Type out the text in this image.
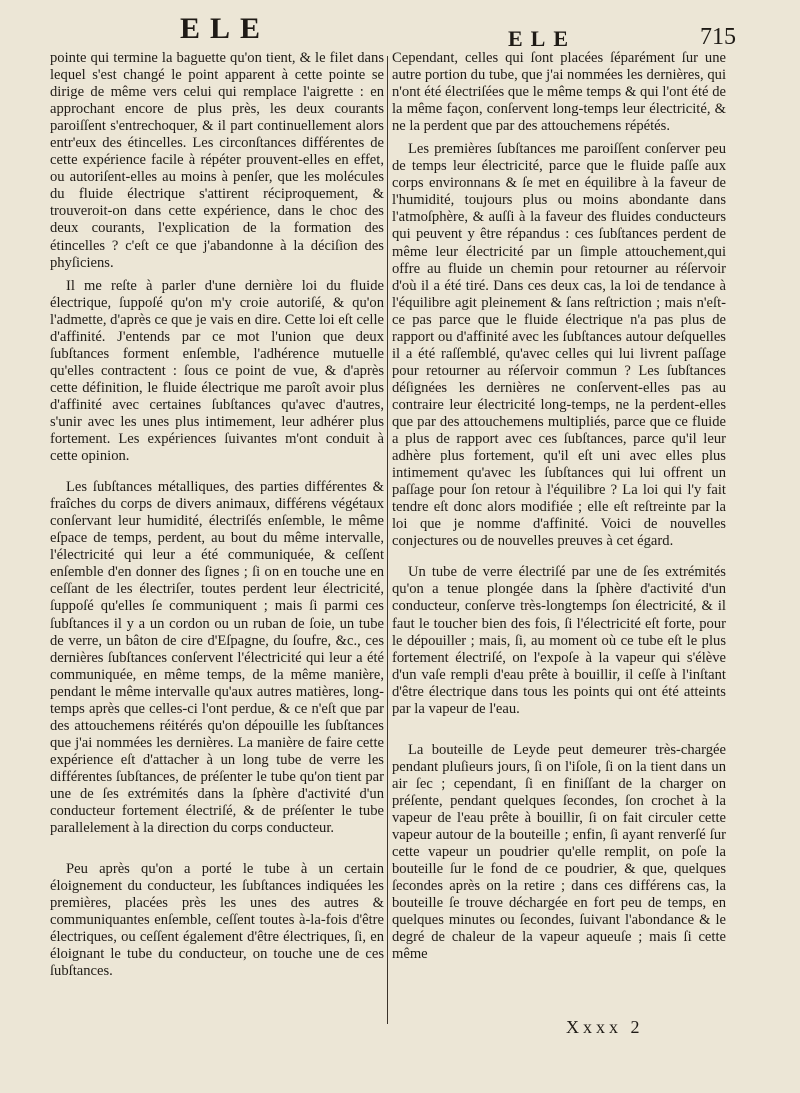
ELE	ELE	715

pointe qui termine la baguette qu'on tient, & le filet dans lequel s'est changé le point apparent à cette pointe se dirige de même vers celui qui remplace l'aigrette : en approchant encore de plus près, les deux courants paroiſſent s'entrechoquer, & il part continuellement alors entr'eux des étincelles. Les circonſtances différentes de cette expérience facile à répéter prouvent-elles en effet, ou autoriſent-elles au moins à penſer, que les molécules du fluide électrique s'attirent réciproquement, & trouveroit-on dans cette expérience, dans le choc des deux courants, l'explication de la formation des étincelles ? c'eſt ce que j'abandonne à la déciſion des phyſiciens.

Il me reſte à parler d'une dernière loi du fluide électrique, ſuppoſé qu'on m'y croie autoriſé, & qu'on l'admette, d'après ce que je vais en dire. Cette loi eſt celle d'affinité. J'entends par ce mot l'union que deux ſubſtances forment enſemble, l'adhérence mutuelle qu'elles contractent : ſous ce point de vue, & d'après cette définition, le fluide électrique me paroît avoir plus d'affinité avec certaines ſubſtances qu'avec d'autres, s'unir avec les unes plus intimement, leur adhérer plus fortement. Les expériences ſuivantes m'ont conduit à cette opinion.

Les ſubſtances métalliques, des parties différentes & fraîches du corps de divers animaux, différens végétaux conſervant leur humidité, électriſés enſemble, le même eſpace de temps, perdent, au bout du même intervalle, l'électricité qui leur a été communiquée, & ceſſent enſemble d'en donner des ſignes ; ſi on en touche une en ceſſant de les électriſer, toutes perdent leur électricité, ſuppoſé qu'elles ſe communiquent ; mais ſi parmi ces ſubſtances il y a un cordon ou un ruban de ſoie, un tube de verre, un bâton de cire d'Eſpagne, du ſoufre, &c., ces dernières ſubſtances conſervent l'électricité qui leur a été communiquée, en même temps, de la même manière, pendant le même intervalle qu'aux autres matières, long-temps après que celles-ci l'ont perdue, & ce n'eſt que par des attouchemens réitérés qu'on dépouille les ſubſtances que j'ai nommées les dernières. La manière de faire cette expérience eſt d'attacher à un long tube de verre les différentes ſubſtances, de préſenter le tube qu'on tient par une de ſes extrémités dans la ſphère d'activité d'un conducteur fortement électriſé, & de préſenter le tube parallelement à la direction du corps conducteur.

Peu après qu'on a porté le tube à un certain éloignement du conducteur, les ſubſtances indiquées les premières, placées près les unes des autres & communiquantes enſemble, ceſſent toutes à-la-fois d'être électriques, ou ceſſent également d'être électriques, ſi, en éloignant le tube du conducteur, on touche une de ces ſubſtances.

Cependant, celles qui ſont placées ſéparément ſur une autre portion du tube, que j'ai nommées les dernières, qui n'ont été électriſées que le même temps & qui l'ont été de la même façon, conſervent long-temps leur électricité, & ne la perdent que par des attouchemens répétés.

Les premières ſubſtances me paroiſſent conſerver peu de temps leur électricité, parce que le fluide paſſe aux corps environnans & ſe met en équilibre à la faveur de l'humidité, toujours plus ou moins abondante dans l'atmoſphère, & auſſi à la faveur des fluides conducteurs qui peuvent y être répandus : ces ſubſtances perdent de même leur électricité par un ſimple attouchement,qui offre au fluide un chemin pour retourner au réſervoir d'où il a été tiré. Dans ces deux cas, la loi de tendance à l'équilibre agit pleinement & ſans reſtriction ; mais n'eſt-ce pas parce que le fluide électrique n'a pas plus de rapport ou d'affinité avec les ſubſtances autour deſquelles il a été raſſemblé, qu'avec celles qui lui livrent paſſage pour retourner au réſervoir commun ? Les ſubſtances déſignées les dernières ne conſervent-elles pas au contraire leur électricité long-temps, ne la perdent-elles que par des attouchemens multipliés, parce que ce fluide a plus de rapport avec ces ſubſtances, parce qu'il leur adhère plus fortement, qu'il eſt uni avec elles plus intimement qu'avec les ſubſtances qui lui offrent un paſſage pour ſon retour à l'équilibre ? La loi qui l'y fait tendre eſt donc alors modifiée ; elle eſt reſtreinte par la loi que je nomme d'affinité. Voici de nouvelles conjectures ou de nouvelles preuves à cet égard.

Un tube de verre électriſé par une de ſes extrémités qu'on a tenue plongée dans la ſphère d'activité d'un conducteur, conſerve très-longtemps ſon électricité, & il faut le toucher bien des fois, ſi l'électricité eſt forte, pour le dépouiller ; mais, ſi, au moment où ce tube eſt le plus fortement électriſé, on l'expoſe à la vapeur qui s'élève d'un vaſe rempli d'eau prête à bouillir, il ceſſe à l'inſtant d'être électrique dans tous les points qui ont été atteints par la vapeur de l'eau.

La bouteille de Leyde peut demeurer très-chargée pendant pluſieurs jours, ſi on l'iſole, ſi on la tient dans un air ſec ; cependant, ſi en finiſſant de la charger on préſente, pendant quelques ſecondes, ſon crochet à la vapeur de l'eau prête à bouillir, ſi on fait circuler cette vapeur autour de la bouteille ; enfin, ſi ayant renverſé ſur cette vapeur un poudrier qu'elle remplit, on poſe la bouteille ſur le fond de ce poudrier, & que, quelques ſecondes après on la retire ; dans ces différens cas, la bouteille ſe trouve déchargée en fort peu de temps, en quelques minutes ou ſecondes, ſuivant l'abondance & le degré de chaleur de la vapeur aqueuſe ; mais ſi cette même

Xxxx 2
